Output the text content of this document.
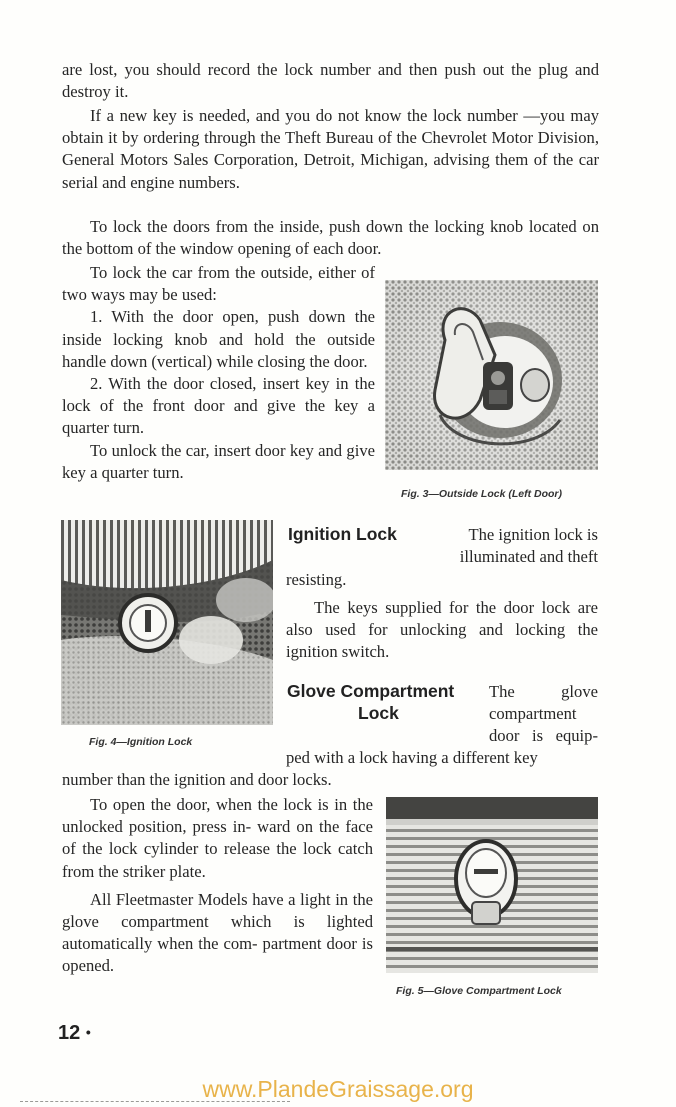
are lost, you should record the lock number and then push out the plug and destroy it.

If a new key is needed, and you do not know the lock number —you may obtain it by ordering through the Theft Bureau of the Chevrolet Motor Division, General Motors Sales Corporation, Detroit, Michigan, advising them of the car serial and engine numbers.

To lock the doors from the inside, push down the locking knob located on the bottom of the window opening of each door.

To lock the car from the outside, either of two ways may be used:

1. With the door open, push down the inside locking knob and hold the outside handle down (vertical) while closing the door.

2. With the door closed, insert key in the lock of the front door and give the key a quarter turn.

To unlock the car, insert door key and give key a quarter turn.

Fig. 3—Outside Lock (Left Door)
Fig. 4—Ignition Lock
Ignition Lock	The ignition lock is illuminated and theft

resisting.

The keys supplied for the door lock are also used for unlocking and locking the ignition switch.

Glove Compartment
Lock

The glove compartment door is equip-

ped with a lock having a different key

number than the ignition and door locks.

To open the door, when the lock is in the unlocked position, press in- ward on the face of the lock cylinder to release the lock catch from the striker plate.

All Fleetmaster Models have a light in the glove compartment which is lighted automatically when the com- partment door is opened.

Fig. 5—Glove Compartment Lock
12 •
www.PlandeGraissage.org
